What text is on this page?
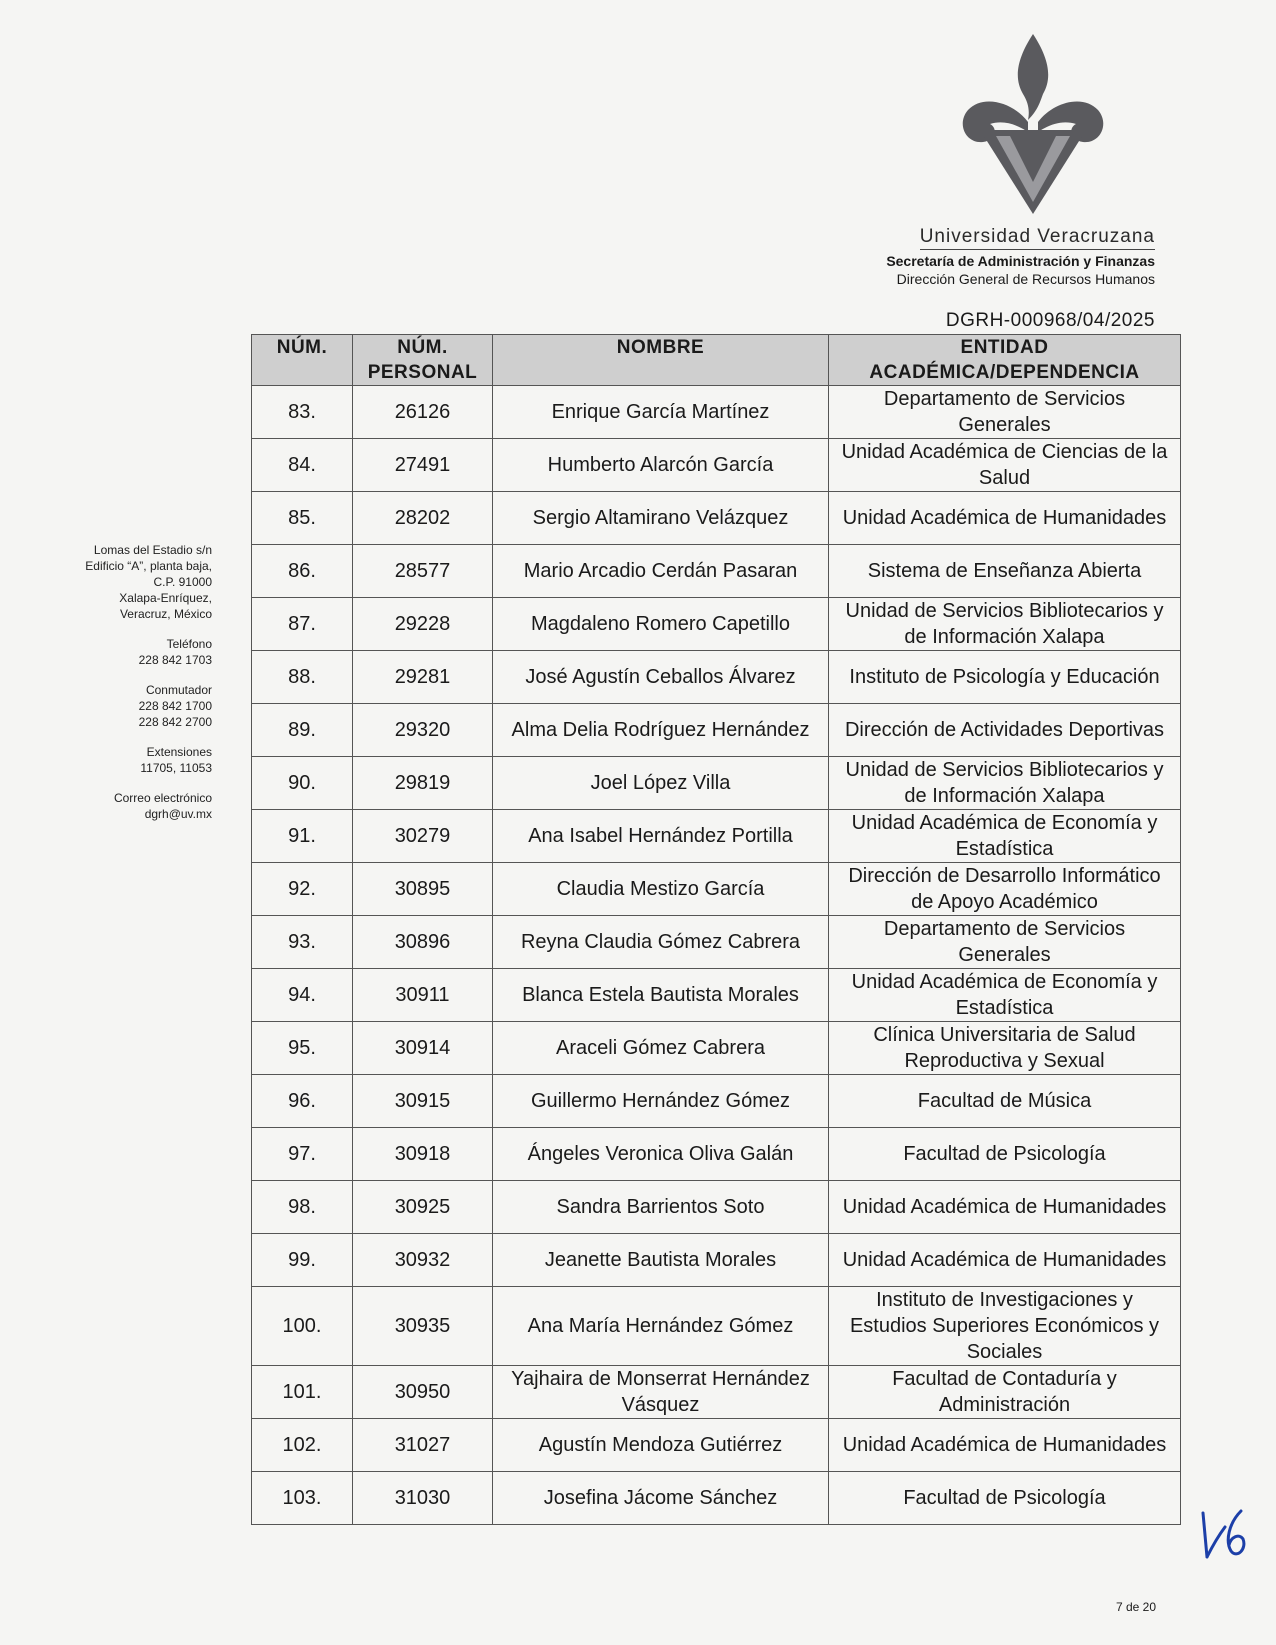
Universidad Veracruzana
Secretaría de Administración y Finanzas
Dirección General de Recursos Humanos
DGRH-000968/04/2025
Lomas del Estadio s/n
Edificio “A”, planta baja,
C.P. 91000
Xalapa-Enríquez,
Veracruz, México
Teléfono
228 842 1703
Conmutador
228 842 1700
228 842 2700
Extensiones
11705, 11053
Correo electrónico
dgrh@uv.mx
NÚM.	NÚM. PERSONAL	NOMBRE	ENTIDAD ACADÉMICA/DEPENDENCIA
83.	26126	Enrique García Martínez	Departamento de Servicios Generales
84.	27491	Humberto Alarcón García	Unidad Académica de Ciencias de la Salud
85.	28202	Sergio Altamirano Velázquez	Unidad Académica de Humanidades
86.	28577	Mario Arcadio Cerdán Pasaran	Sistema de Enseñanza Abierta
87.	29228	Magdaleno Romero Capetillo	Unidad de Servicios Bibliotecarios y de Información Xalapa
88.	29281	José Agustín Ceballos Álvarez	Instituto de Psicología y Educación
89.	29320	Alma Delia Rodríguez Hernández	Dirección de Actividades Deportivas
90.	29819	Joel López Villa	Unidad de Servicios Bibliotecarios y de Información Xalapa
91.	30279	Ana Isabel Hernández Portilla	Unidad Académica de Economía y Estadística
92.	30895	Claudia Mestizo García	Dirección de Desarrollo Informático de Apoyo Académico
93.	30896	Reyna Claudia Gómez Cabrera	Departamento de Servicios Generales
94.	30911	Blanca Estela Bautista Morales	Unidad Académica de Economía y Estadística
95.	30914	Araceli Gómez Cabrera	Clínica Universitaria de Salud Reproductiva y Sexual
96.	30915	Guillermo Hernández Gómez	Facultad de Música
97.	30918	Ángeles Veronica Oliva Galán	Facultad de Psicología
98.	30925	Sandra Barrientos Soto	Unidad Académica de Humanidades
99.	30932	Jeanette Bautista Morales	Unidad Académica de Humanidades
100.	30935	Ana María Hernández Gómez	Instituto de Investigaciones y Estudios Superiores Económicos y Sociales
101.	30950	Yajhaira de Monserrat Hernández Vásquez	Facultad de Contaduría y Administración
102.	31027	Agustín Mendoza Gutiérrez	Unidad Académica de Humanidades
103.	31030	Josefina Jácome Sánchez	Facultad de Psicología
7 de 20
